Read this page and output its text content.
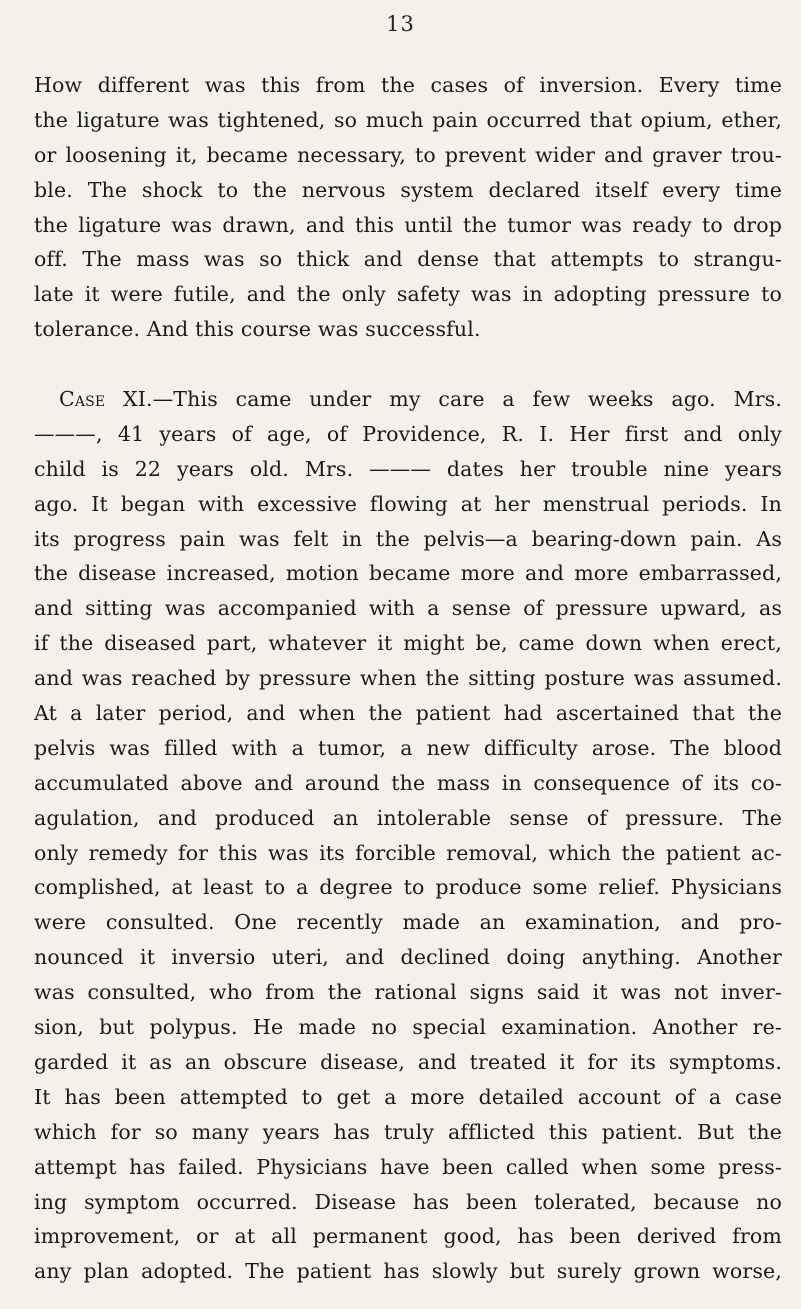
13
How different was this from the cases of inversion. Every time
the ligature was tightened, so much pain occurred that opium, ether,
or loosening it, became necessary, to prevent wider and graver trou-
ble. The shock to the nervous system declared itself every time
the ligature was drawn, and this until the tumor was ready to drop
off. The mass was so thick and dense that attempts to strangu-
late it were futile, and the only safety was in adopting pressure to
tolerance. And this course was successful.
Case XI.—This came under my care a few weeks ago. Mrs.
———, 41 years of age, of Providence, R. I. Her first and only
child is 22 years old. Mrs. ——— dates her trouble nine years
ago. It began with excessive flowing at her menstrual periods. In
its progress pain was felt in the pelvis—a bearing-down pain. As
the disease increased, motion became more and more embarrassed,
and sitting was accompanied with a sense of pressure upward, as
if the diseased part, whatever it might be, came down when erect,
and was reached by pressure when the sitting posture was assumed.
At a later period, and when the patient had ascertained that the
pelvis was filled with a tumor, a new difficulty arose. The blood
accumulated above and around the mass in consequence of its co-
agulation, and produced an intolerable sense of pressure. The
only remedy for this was its forcible removal, which the patient ac-
complished, at least to a degree to produce some relief. Physicians
were consulted. One recently made an examination, and pro-
nounced it inversio uteri, and declined doing anything. Another
was consulted, who from the rational signs said it was not inver-
sion, but polypus. He made no special examination. Another re-
garded it as an obscure disease, and treated it for its symptoms.
It has been attempted to get a more detailed account of a case
which for so many years has truly afflicted this patient. But the
attempt has failed. Physicians have been called when some press-
ing symptom occurred. Disease has been tolerated, because no
improvement, or at all permanent good, has been derived from
any plan adopted. The patient has slowly but surely grown worse,
